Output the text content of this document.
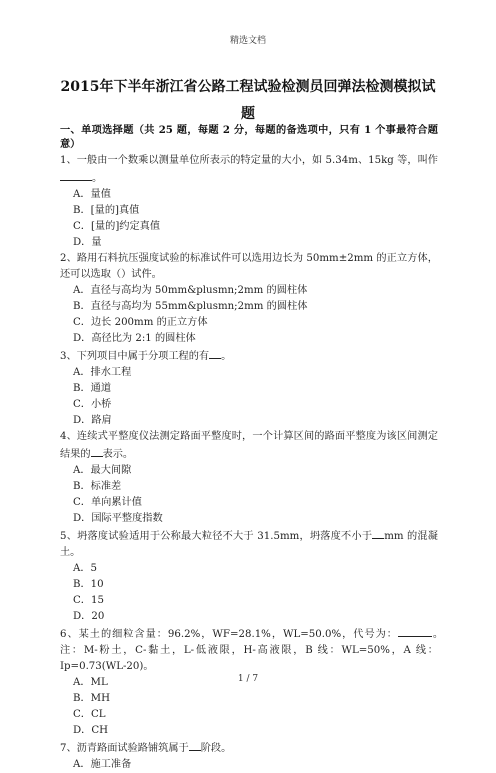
精选文档
2015年下半年浙江省公路工程试验检测员回弹法检测模拟试题
一、单项选择题（共 25 题，每题 2 分，每题的备选项中，只有 1 个事最符合题意）

1、一般由一个数乘以测量单位所表示的特定量的大小，如 5.34m、15kg 等，叫作。

A．量值

B．[量的]真值

C．[量的]约定真值

D．量

2、路用石料抗压强度试验的标准试件可以选用边长为 50mm±2mm 的正立方体，还可以选取（）试件。

A．直径与高均为 50mm&plusmn;2mm 的圆柱体

B．直径与高均为 55mm&plusmn;2mm 的圆柱体

C．边长 200mm 的正立方体

D．高径比为 2:1 的圆柱体

3、下列项目中属于分项工程的有 。

A．排水工程

B．通道

C．小桥

D．路肩

4、连续式平整度仪法测定路面平整度时，一个计算区间的路面平整度为该区间测定结果的 表示。

A．最大间隙

B．标准差

C．单向累计值

D．国际平整度指数

5、坍落度试验适用于公称最大粒径不大于 31.5mm，坍落度不小于 mm 的混凝土。

A．5

B．10

C．15

D．20

6、某土的细粒含量：96.2%，WF=28.1%，WL=50.0%，代号为：	。　注：M-粉土，C-黏土，L-低液限，H-高液限，B 线：WL=50%，A 线：Ip=0.73(WL-20)。

A．ML

B．MH

C．CL

D．CH

7、沥青路面试验路铺筑属于 阶段。

A．施工准备

1 / 7
